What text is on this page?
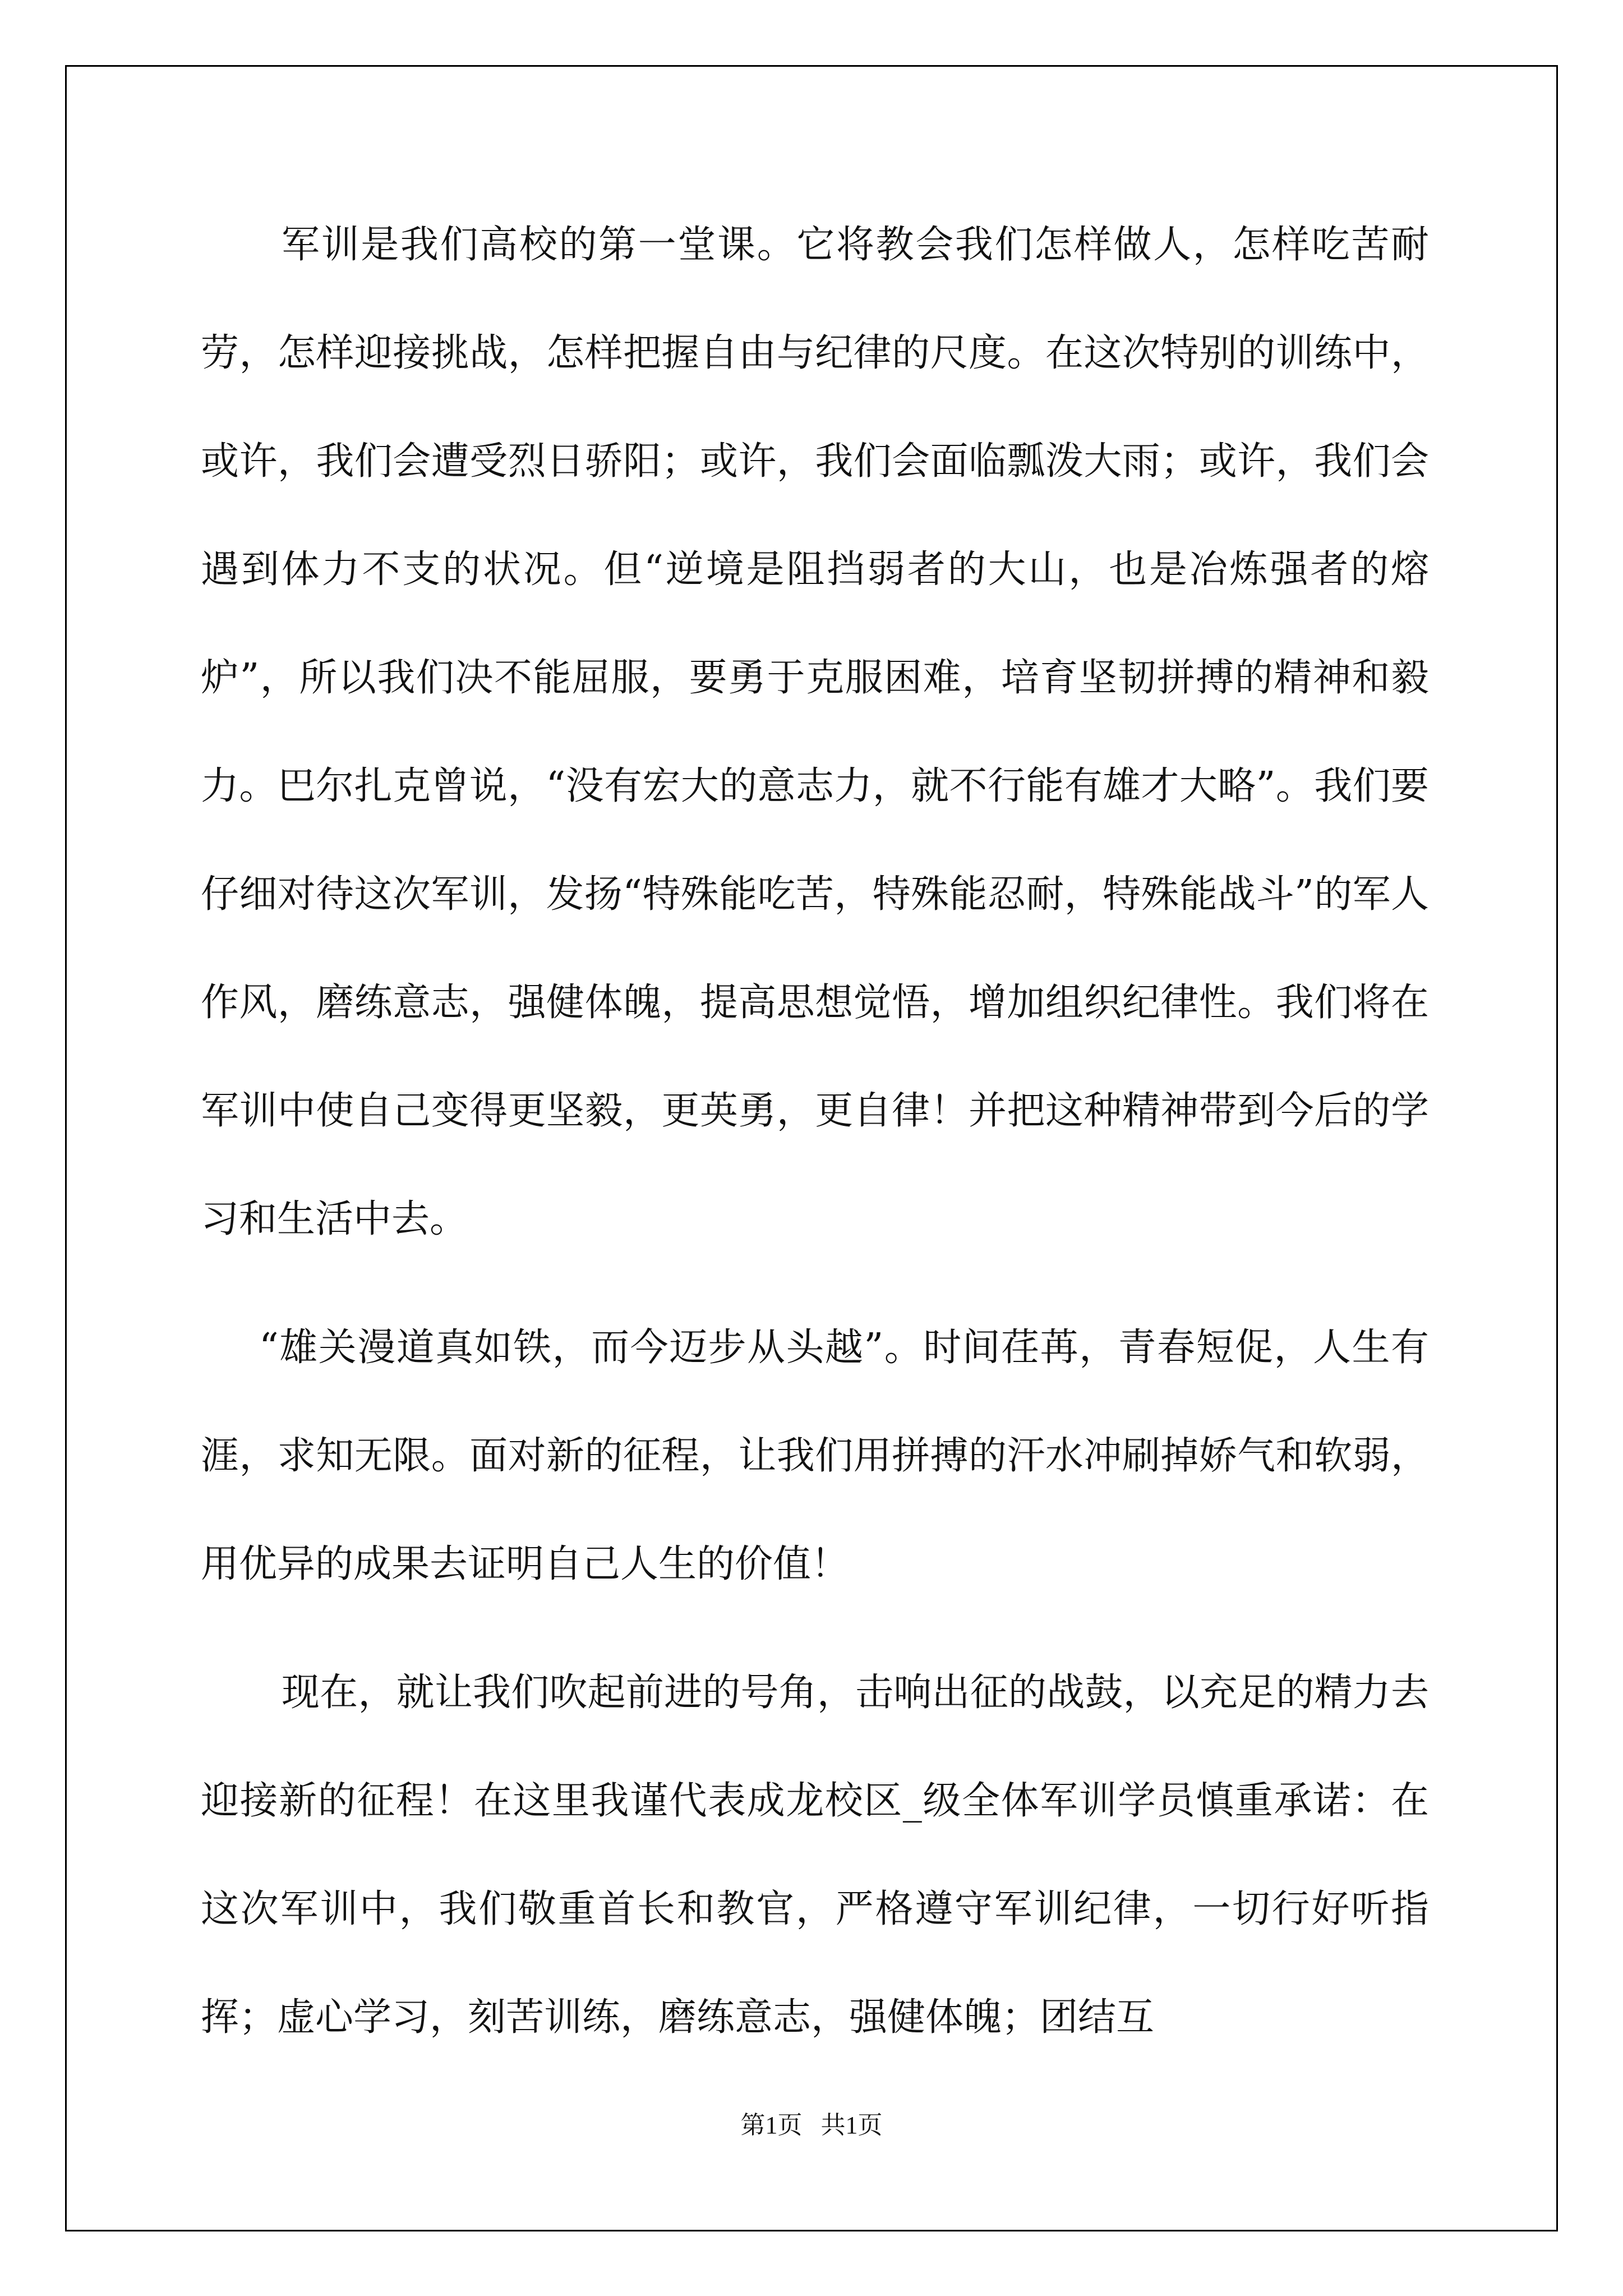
军训是我们高校的第一堂课。它将教会我们怎样做人，怎样吃苦耐劳，怎样迎接挑战，怎样把握自由与纪律的尺度。在这次特别的训练中，或许，我们会遭受烈日骄阳；或许，我们会面临瓢泼大雨；或许，我们会遇到体力不支的状况。但“逆境是阻挡弱者的大山，也是冶炼强者的熔炉”，所以我们决不能屈服，要勇于克服困难，培育坚韧拼搏的精神和毅力。巴尔扎克曾说，“没有宏大的意志力，就不行能有雄才大略”。我们要仔细对待这次军训，发扬“特殊能吃苦，特殊能忍耐，特殊能战斗”的军人作风，磨练意志，强健体魄，提高思想觉悟，增加组织纪律性。我们将在军训中使自己变得更坚毅，更英勇，更自律！并把这种精神带到今后的学习和生活中去。

“雄关漫道真如铁，而今迈步从头越”。时间荏苒，青春短促，人生有涯，求知无限。面对新的征程，让我们用拼搏的汗水冲刷掉娇气和软弱，用优异的成果去证明自己人生的价值！

现在，就让我们吹起前进的号角，击响出征的战鼓，以充足的精力去迎接新的征程！在这里我谨代表成龙校区_级全体军训学员慎重承诺：在这次军训中，我们敬重首长和教官，严格遵守军训纪律，一切行好听指挥；虚心学习，刻苦训练，磨练意志，强健体魄；团结互

第1页   共1页
